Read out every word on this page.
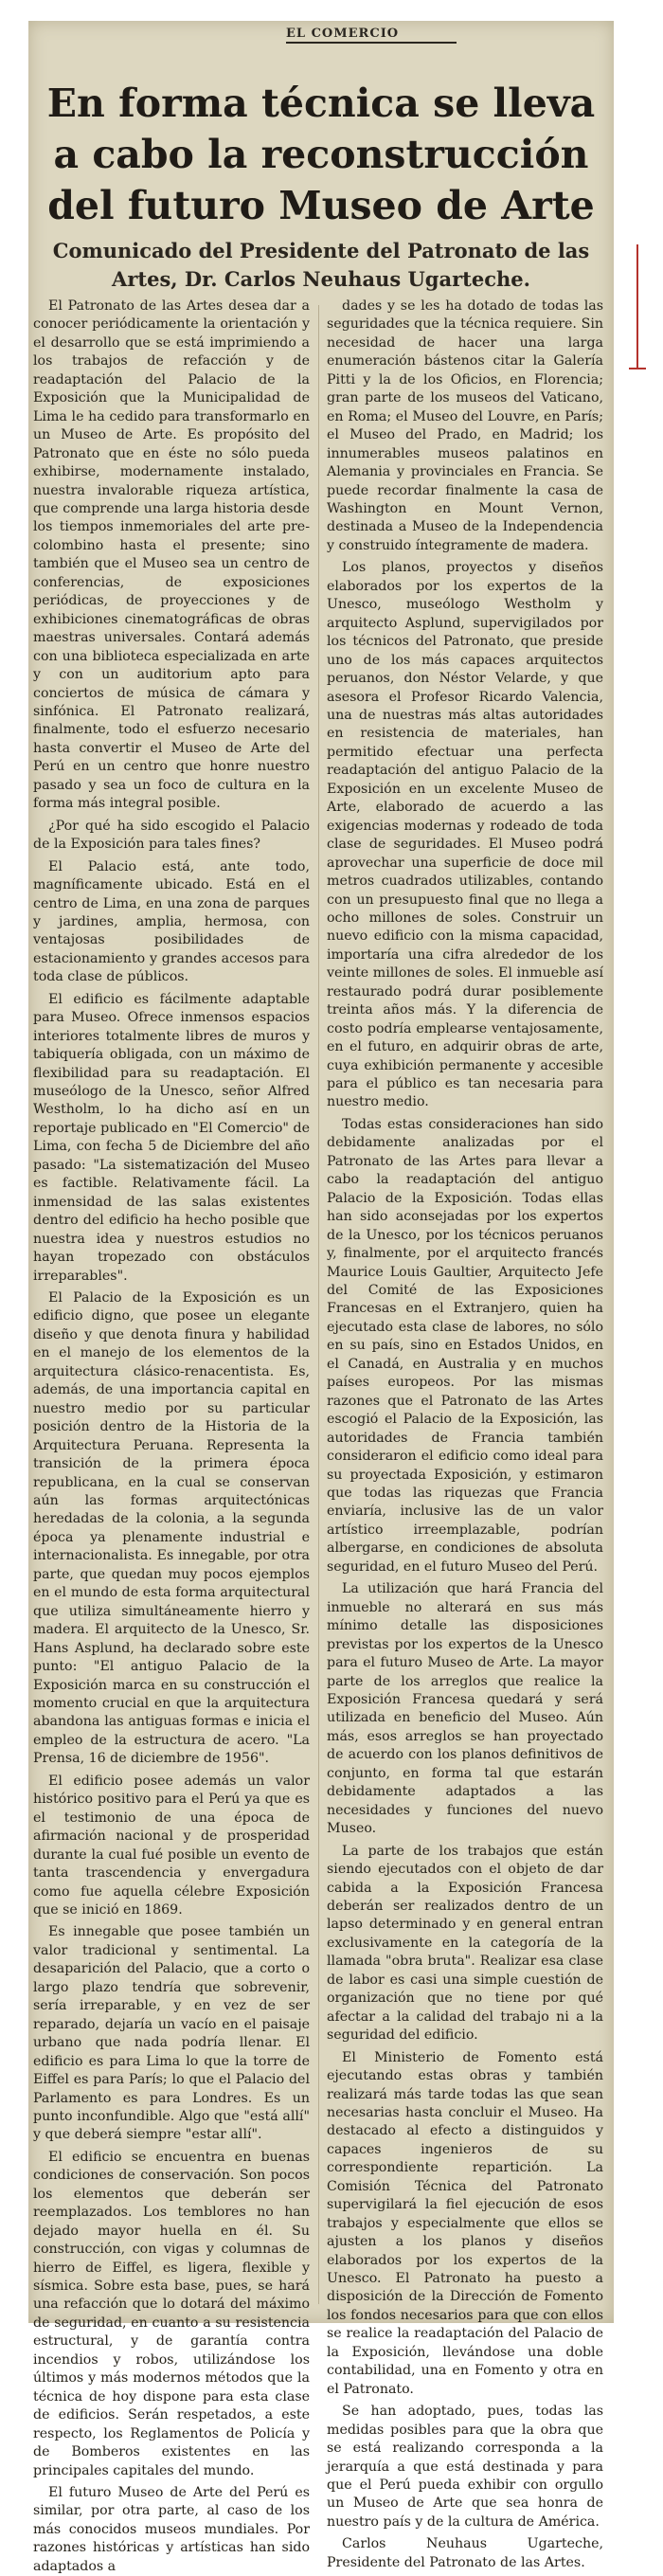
EL COMERCIO
En forma técnica se lleva a cabo la reconstrucción del futuro Museo de Arte
Comunicado del Presidente del Patronato de las Artes, Dr. Carlos Neuhaus Ugarteche.

El Patronato de las Artes desea dar a conocer periódicamente la orientación y el desarrollo que se está imprimiendo a los trabajos de refacción y de readaptación del Palacio de la Exposición que la Municipalidad de Lima le ha cedido para transformarlo en un Museo de Arte. Es propósito del Patronato que en éste no sólo pueda exhibirse, modernamente instalado, nuestra invalorable riqueza artística, que comprende una larga historia desde los tiempos inmemoriales del arte pre-colombino hasta el presente; sino también que el Museo sea un centro de conferencias, de exposiciones periódicas, de proyecciones y de exhibiciones cinematográficas de obras maestras universales. Contará además con una biblioteca especializada en arte y con un auditorium apto para conciertos de música de cámara y sinfónica. El Patronato realizará, finalmente, todo el esfuerzo necesario hasta convertir el Museo de Arte del Perú en un centro que honre nuestro pasado y sea un foco de cultura en la forma más integral posible.

¿Por qué ha sido escogido el Palacio de la Exposición para tales fines?

El Palacio está, ante todo, magníficamente ubicado. Está en el centro de Lima, en una zona de parques y jardines, amplia, hermosa, con ventajosas posibilidades de estacionamiento y grandes accesos para toda clase de públicos.

El edificio es fácilmente adaptable para Museo. Ofrece inmensos espacios interiores totalmente libres de muros y tabiquería obligada, con un máximo de flexibilidad para su readaptación. El museólogo de la Unesco, señor Alfred Westholm, lo ha dicho así en un reportaje publicado en "El Comercio" de Lima, con fecha 5 de Diciembre del año pasado: "La sistematización del Museo es factible. Relativamente fácil. La inmensidad de las salas existentes dentro del edificio ha hecho posible que nuestra idea y nuestros estudios no hayan tropezado con obstáculos irreparables".

El Palacio de la Exposición es un edificio digno, que posee un elegante diseño y que denota finura y habilidad en el manejo de los elementos de la arquitectura clásico-renacentista. Es, además, de una importancia capital en nuestro medio por su particular posición dentro de la Historia de la Arquitectura Peruana. Representa la transición de la primera época republicana, en la cual se conservan aún las formas arquitectónicas heredadas de la colonia, a la segunda época ya plenamente industrial e internacionalista. Es innegable, por otra parte, que quedan muy pocos ejemplos en el mundo de esta forma arquitectural que utiliza simultáneamente hierro y madera. El arquitecto de la Unesco, Sr. Hans Asplund, ha declarado sobre este punto: "El antiguo Palacio de la Exposición marca en su construcción el momento crucial en que la arquitectura abandona las antiguas formas e inicia el empleo de la estructura de acero. "La Prensa, 16 de diciembre de 1956".

El edificio posee además un valor histórico positivo para el Perú ya que es el testimonio de una época de afirmación nacional y de prosperidad durante la cual fué posible un evento de tanta trascendencia y envergadura como fue aquella célebre Exposición que se inició en 1869.

Es innegable que posee también un valor tradicional y sentimental. La desaparición del Palacio, que a corto o largo plazo tendría que sobrevenir, sería irreparable, y en vez de ser reparado, dejaría un vacío en el paisaje urbano que nada podría llenar. El edificio es para Lima lo que la torre de Eiffel es para París; lo que el Palacio del Parlamento es para Londres. Es un punto inconfundible. Algo que "está allí" y que deberá siempre "estar allí".

El edificio se encuentra en buenas condiciones de conservación. Son pocos los elementos que deberán ser reemplazados. Los temblores no han dejado mayor huella en él. Su construcción, con vigas y columnas de hierro de Eiffel, es ligera, flexible y sísmica. Sobre esta base, pues, se hará una refacción que lo dotará del máximo de seguridad, en cuanto a su resistencia estructural, y de garantía contra incendios y robos, utilizándose los últimos y más modernos métodos que la técnica de hoy dispone para esta clase de edificios. Serán respetados, a este respecto, los Reglamentos de Policía y de Bomberos existentes en las principales capitales del mundo.

El futuro Museo de Arte del Perú es similar, por otra parte, al caso de los más conocidos museos mundiales. Por razones históricas y artísticas han sido adaptados a

dades y se les ha dotado de todas las seguridades que la técnica requiere. Sin necesidad de hacer una larga enumeración bástenos citar la Galería Pitti y la de los Oficios, en Florencia; gran parte de los museos del Vaticano, en Roma; el Museo del Louvre, en París; el Museo del Prado, en Madrid; los innumerables museos palatinos en Alemania y provinciales en Francia. Se puede recordar finalmente la casa de Washington en Mount Vernon, destinada a Museo de la Independencia y construido íntegramente de madera.

Los planos, proyectos y diseños elaborados por los expertos de la Unesco, museólogo Westholm y arquitecto Asplund, supervigilados por los técnicos del Patronato, que preside uno de los más capaces arquitectos peruanos, don Néstor Velarde, y que asesora el Profesor Ricardo Valencia, una de nuestras más altas autoridades en resistencia de materiales, han permitido efectuar una perfecta readaptación del antiguo Palacio de la Exposición en un excelente Museo de Arte, elaborado de acuerdo a las exigencias modernas y rodeado de toda clase de seguridades. El Museo podrá aprovechar una superficie de doce mil metros cuadrados utilizables, contando con un presupuesto final que no llega a ocho millones de soles. Construir un nuevo edificio con la misma capacidad, importaría una cifra alrededor de los veinte millones de soles. El inmueble así restaurado podrá durar posiblemente treinta años más. Y la diferencia de costo podría emplearse ventajosamente, en el futuro, en adquirir obras de arte, cuya exhibición permanente y accesible para el público es tan necesaria para nuestro medio.

Todas estas consideraciones han sido debidamente analizadas por el Patronato de las Artes para llevar a cabo la readaptación del antiguo Palacio de la Exposición. Todas ellas han sido aconsejadas por los expertos de la Unesco, por los técnicos peruanos y, finalmente, por el arquitecto francés Maurice Louis Gaultier, Arquitecto Jefe del Comité de las Exposiciones Francesas en el Extranjero, quien ha ejecutado esta clase de labores, no sólo en su país, sino en Estados Unidos, en el Canadá, en Australia y en muchos países europeos. Por las mismas razones que el Patronato de las Artes escogió el Palacio de la Exposición, las autoridades de Francia también consideraron el edificio como ideal para su proyectada Exposición, y estimaron que todas las riquezas que Francia enviaría, inclusive las de un valor artístico irreemplazable, podrían albergarse, en condiciones de absoluta seguridad, en el futuro Museo del Perú.

La utilización que hará Francia del inmueble no alterará en sus más mínimo detalle las disposiciones previstas por los expertos de la Unesco para el futuro Museo de Arte. La mayor parte de los arreglos que realice la Exposición Francesa quedará y será utilizada en beneficio del Museo. Aún más, esos arreglos se han proyectado de acuerdo con los planos definitivos de conjunto, en forma tal que estarán debidamente adaptados a las necesidades y funciones del nuevo Museo.

La parte de los trabajos que están siendo ejecutados con el objeto de dar cabida a la Exposición Francesa deberán ser realizados dentro de un lapso determinado y en general entran exclusivamente en la categoría de la llamada "obra bruta". Realizar esa clase de labor es casi una simple cuestión de organización que no tiene por qué afectar a la calidad del trabajo ni a la seguridad del edificio.

El Ministerio de Fomento está ejecutando estas obras y también realizará más tarde todas las que sean necesarias hasta concluir el Museo. Ha destacado al efecto a distinguidos y capaces ingenieros de su correspondiente repartición. La Comisión Técnica del Patronato supervigilará la fiel ejecución de esos trabajos y especialmente que ellos se ajusten a los planos y diseños elaborados por los expertos de la Unesco. El Patronato ha puesto a disposición de la Dirección de Fomento los fondos necesarios para que con ellos se realice la readaptación del Palacio de la Exposición, llevándose una doble contabilidad, una en Fomento y otra en el Patronato.

Se han adoptado, pues, todas las medidas posibles para que la obra que se está realizando corresponda a la jerarquía a que está destinada y para que el Perú pueda exhibir con orgullo un Museo de Arte que sea honra de nuestro país y de la cultura de América.

Carlos Neuhaus Ugarteche, Presidente del Patronato de las Artes.
